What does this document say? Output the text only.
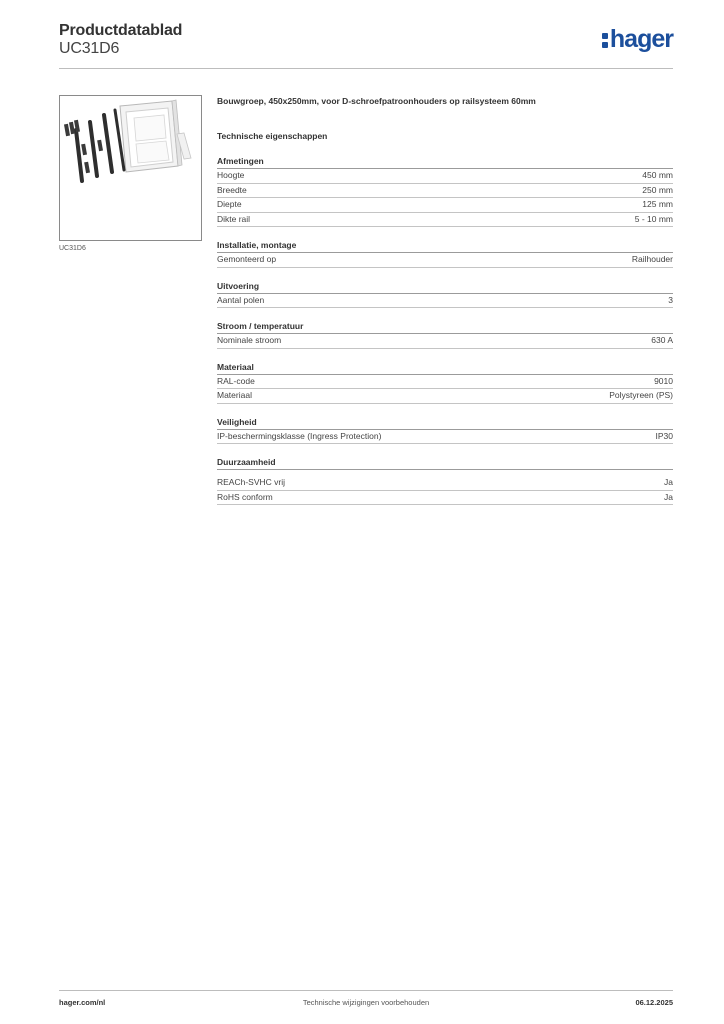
Productdatablad
UC31D6	hager
UC31D6
Bouwgroep, 450x250mm, voor D-schroefpatroonhouders op railsysteem 60mm
Technische eigenschappen
Afmetingen
Hoogte	450 mm
Breedte	250 mm
Diepte	125 mm
Dikte rail	5 - 10 mm
Installatie, montage
Gemonteerd op	Railhouder
Uitvoering
Aantal polen	3
Stroom / temperatuur
Nominale stroom	630 A
Materiaal
RAL-code	9010
Materiaal	Polystyreen (PS)
Veiligheid
IP-beschermingsklasse (Ingress Protection)	IP30
Duurzaamheid
REACh-SVHC vrij	Ja
RoHS conform	Ja
hager.com/nl	Technische wijzigingen voorbehouden	06.12.2025
